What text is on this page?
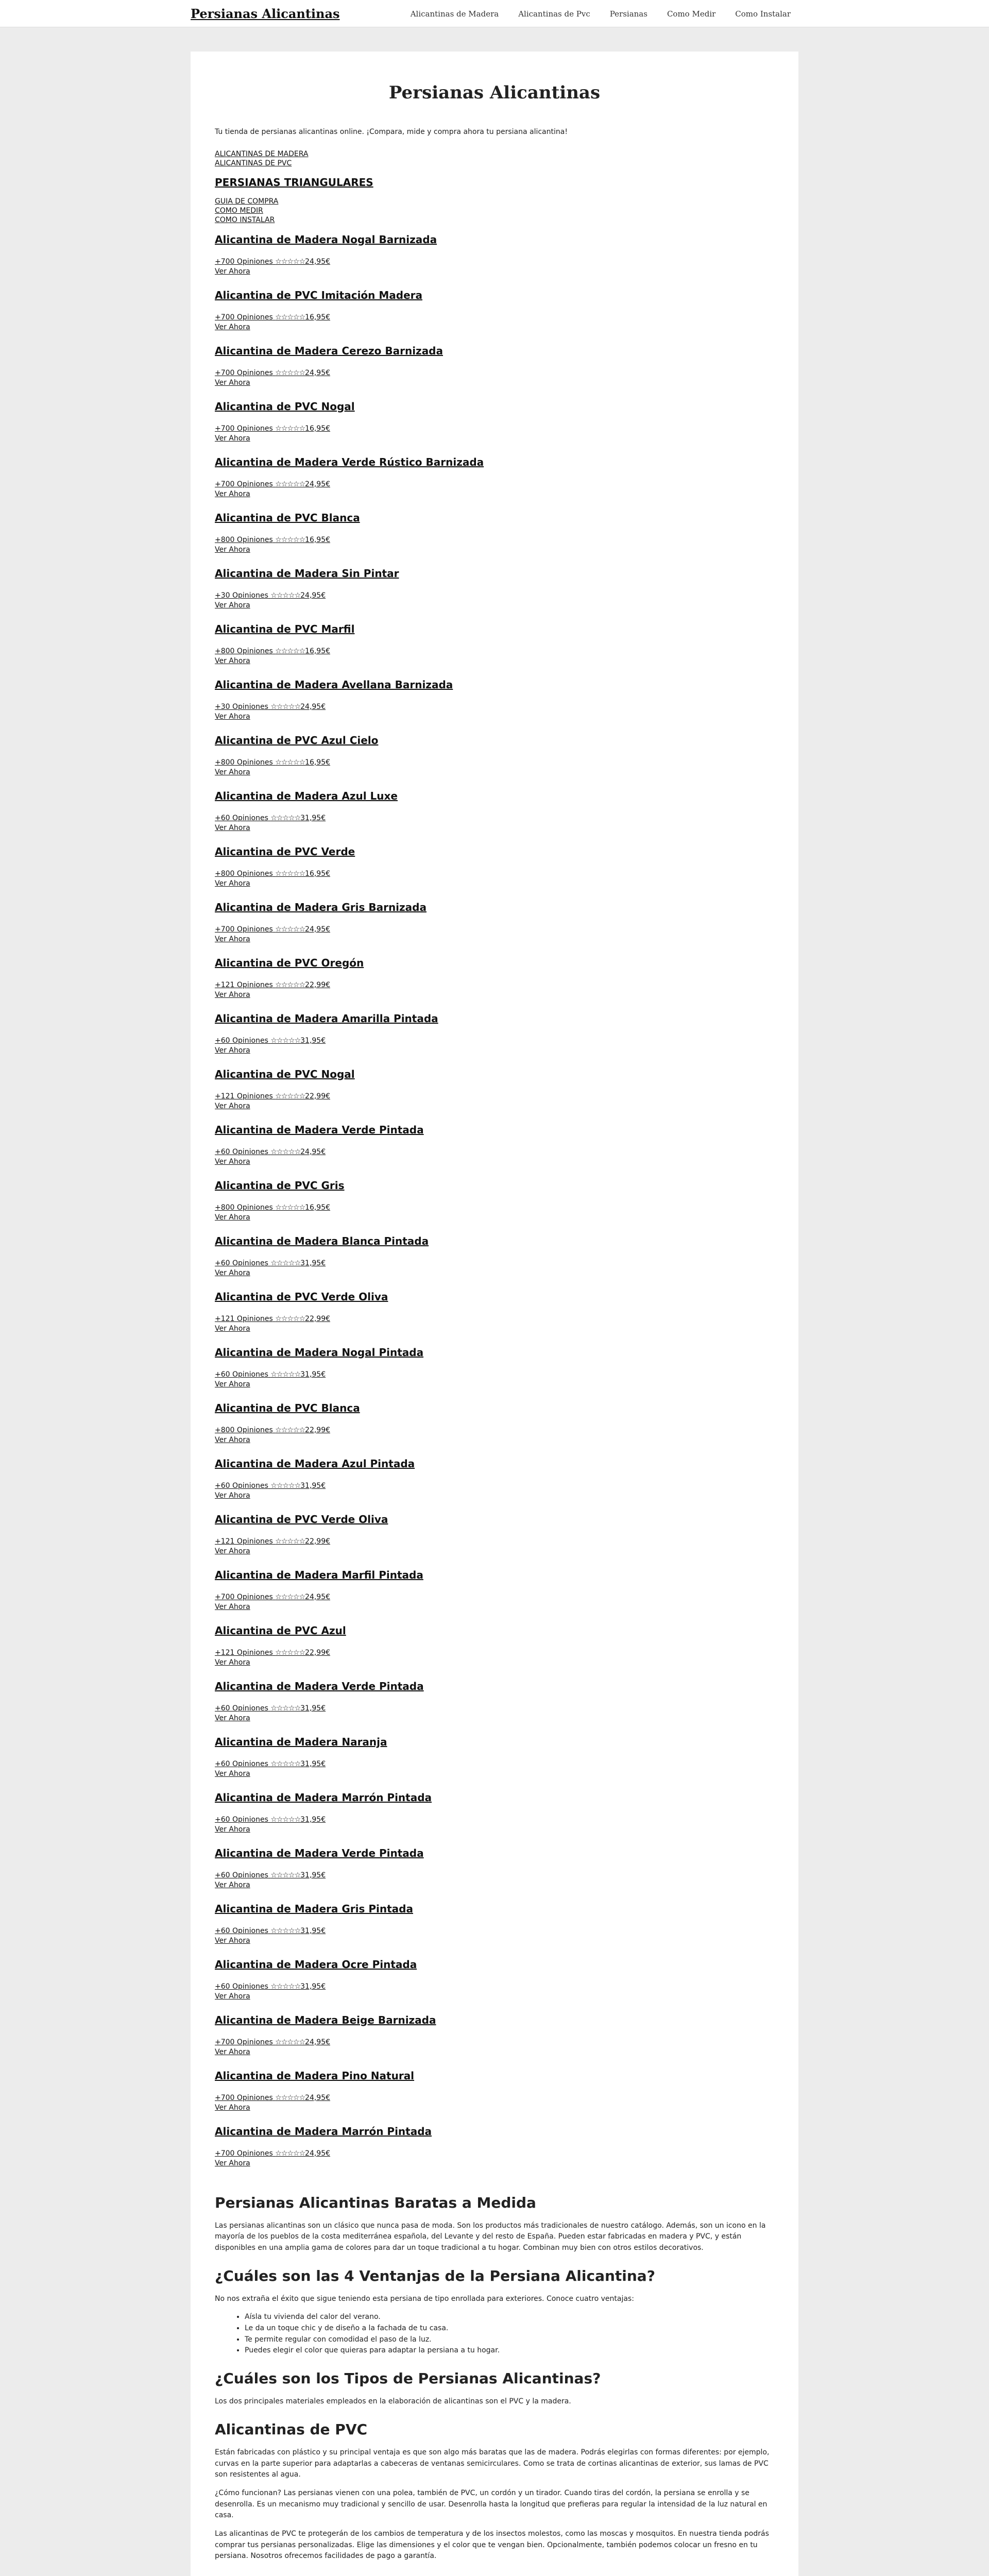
Persianas Alicantinas	Alicantinas de Madera	Alicantinas de Pvc	Persianas	Como Medir	Como Instalar
Persianas Alicantinas

Tu tienda de persianas alicantinas online. ¡Compara, mide y compra ahora tu persiana alicantina!

ALICANTINAS DE MADERA
ALICANTINAS DE PVC
PERSIANAS TRIANGULARES
GUIA DE COMPRA
COMO MEDIR
COMO INSTALAR
Alicantina de Madera Nogal Barnizada
+700 Opiniones ☆☆☆☆☆24,95€
Ver Ahora
Alicantina de PVC Imitación Madera
+700 Opiniones ☆☆☆☆☆16,95€
Ver Ahora
Alicantina de Madera Cerezo Barnizada
+700 Opiniones ☆☆☆☆☆24,95€
Ver Ahora
Alicantina de PVC Nogal
+700 Opiniones ☆☆☆☆☆16,95€
Ver Ahora
Alicantina de Madera Verde Rústico Barnizada
+700 Opiniones ☆☆☆☆☆24,95€
Ver Ahora
Alicantina de PVC Blanca
+800 Opiniones ☆☆☆☆☆16,95€
Ver Ahora
Alicantina de Madera Sin Pintar
+30 Opiniones ☆☆☆☆☆24,95€
Ver Ahora
Alicantina de PVC Marfil
+800 Opiniones ☆☆☆☆☆16,95€
Ver Ahora
Alicantina de Madera Avellana Barnizada
+30 Opiniones ☆☆☆☆☆24,95€
Ver Ahora
Alicantina de PVC Azul Cielo
+800 Opiniones ☆☆☆☆☆16,95€
Ver Ahora
Alicantina de Madera Azul Luxe
+60 Opiniones ☆☆☆☆☆31,95€
Ver Ahora
Alicantina de PVC Verde
+800 Opiniones ☆☆☆☆☆16,95€
Ver Ahora
Alicantina de Madera Gris Barnizada
+700 Opiniones ☆☆☆☆☆24,95€
Ver Ahora
Alicantina de PVC Oregón
+121 Opiniones ☆☆☆☆☆22,99€
Ver Ahora
Alicantina de Madera Amarilla Pintada
+60 Opiniones ☆☆☆☆☆31,95€
Ver Ahora
Alicantina de PVC Nogal
+121 Opiniones ☆☆☆☆☆22,99€
Ver Ahora
Alicantina de Madera Verde Pintada
+60 Opiniones ☆☆☆☆☆24,95€
Ver Ahora
Alicantina de PVC Gris
+800 Opiniones ☆☆☆☆☆16,95€
Ver Ahora
Alicantina de Madera Blanca Pintada
+60 Opiniones ☆☆☆☆☆31,95€
Ver Ahora
Alicantina de PVC Verde Oliva
+121 Opiniones ☆☆☆☆☆22,99€
Ver Ahora
Alicantina de Madera Nogal Pintada
+60 Opiniones ☆☆☆☆☆31,95€
Ver Ahora
Alicantina de PVC Blanca
+800 Opiniones ☆☆☆☆☆22,99€
Ver Ahora
Alicantina de Madera Azul Pintada
+60 Opiniones ☆☆☆☆☆31,95€
Ver Ahora
Alicantina de PVC Verde Oliva
+121 Opiniones ☆☆☆☆☆22,99€
Ver Ahora
Alicantina de Madera Marfil Pintada
+700 Opiniones ☆☆☆☆☆24,95€
Ver Ahora
Alicantina de PVC Azul
+121 Opiniones ☆☆☆☆☆22,99€
Ver Ahora
Alicantina de Madera Verde Pintada
+60 Opiniones ☆☆☆☆☆31,95€
Ver Ahora
Alicantina de Madera Naranja
+60 Opiniones ☆☆☆☆☆31,95€
Ver Ahora
Alicantina de Madera Marrón Pintada
+60 Opiniones ☆☆☆☆☆31,95€
Ver Ahora
Alicantina de Madera Verde Pintada
+60 Opiniones ☆☆☆☆☆31,95€
Ver Ahora
Alicantina de Madera Gris Pintada
+60 Opiniones ☆☆☆☆☆31,95€
Ver Ahora
Alicantina de Madera Ocre Pintada
+60 Opiniones ☆☆☆☆☆31,95€
Ver Ahora
Alicantina de Madera Beige Barnizada
+700 Opiniones ☆☆☆☆☆24,95€
Ver Ahora
Alicantina de Madera Pino Natural
+700 Opiniones ☆☆☆☆☆24,95€
Ver Ahora
Alicantina de Madera Marrón Pintada
+700 Opiniones ☆☆☆☆☆24,95€
Ver Ahora
Persianas Alicantinas Baratas a Medida

Las persianas alicantinas son un clásico que nunca pasa de moda. Son los productos más tradicionales de nuestro catálogo. Además, son un icono en la mayoría de los pueblos de la costa mediterránea española, del Levante y del resto de España. Pueden estar fabricadas en madera y PVC, y están disponibles en una amplia gama de colores para dar un toque tradicional a tu hogar. Combinan muy bien con otros estilos decorativos.

¿Cuáles son las 4 Ventanjas de la Persiana Alicantina?

No nos extraña el éxito que sigue teniendo esta persiana de tipo enrollada para exteriores. Conoce cuatro ventajas:

• Aísla tu vivienda del calor del verano.
• Le da un toque chic y de diseño a la fachada de tu casa.
• Te permite regular con comodidad el paso de la luz.
• Puedes elegir el color que quieras para adaptar la persiana a tu hogar.
¿Cuáles son los Tipos de Persianas Alicantinas?

Los dos principales materiales empleados en la elaboración de alicantinas son el PVC y la madera.

Alicantinas de PVC

Están fabricadas con plástico y su principal ventaja es que son algo más baratas que las de madera. Podrás elegirlas con formas diferentes: por ejemplo, curvas en la parte superior para adaptarlas a cabeceras de ventanas semicirculares. Como se trata de cortinas alicantinas de exterior, sus lamas de PVC son resistentes al agua.

¿Cómo funcionan? Las persianas vienen con una polea, también de PVC, un cordón y un tirador. Cuando tiras del cordón, la persiana se enrolla y se desenrolla. Es un mecanismo muy tradicional y sencillo de usar. Desenrolla hasta la longitud que prefieras para regular la intensidad de la luz natural en casa.

Las alicantinas de PVC te protegerán de los cambios de temperatura y de los insectos molestos, como las moscas y mosquitos. En nuestra tienda podrás comprar tus persianas personalizadas. Elige las dimensiones y el color que te vengan bien. Opcionalmente, también podemos colocar un fresno en tu persiana. Nosotros ofrecemos facilidades de pago a garantía.
